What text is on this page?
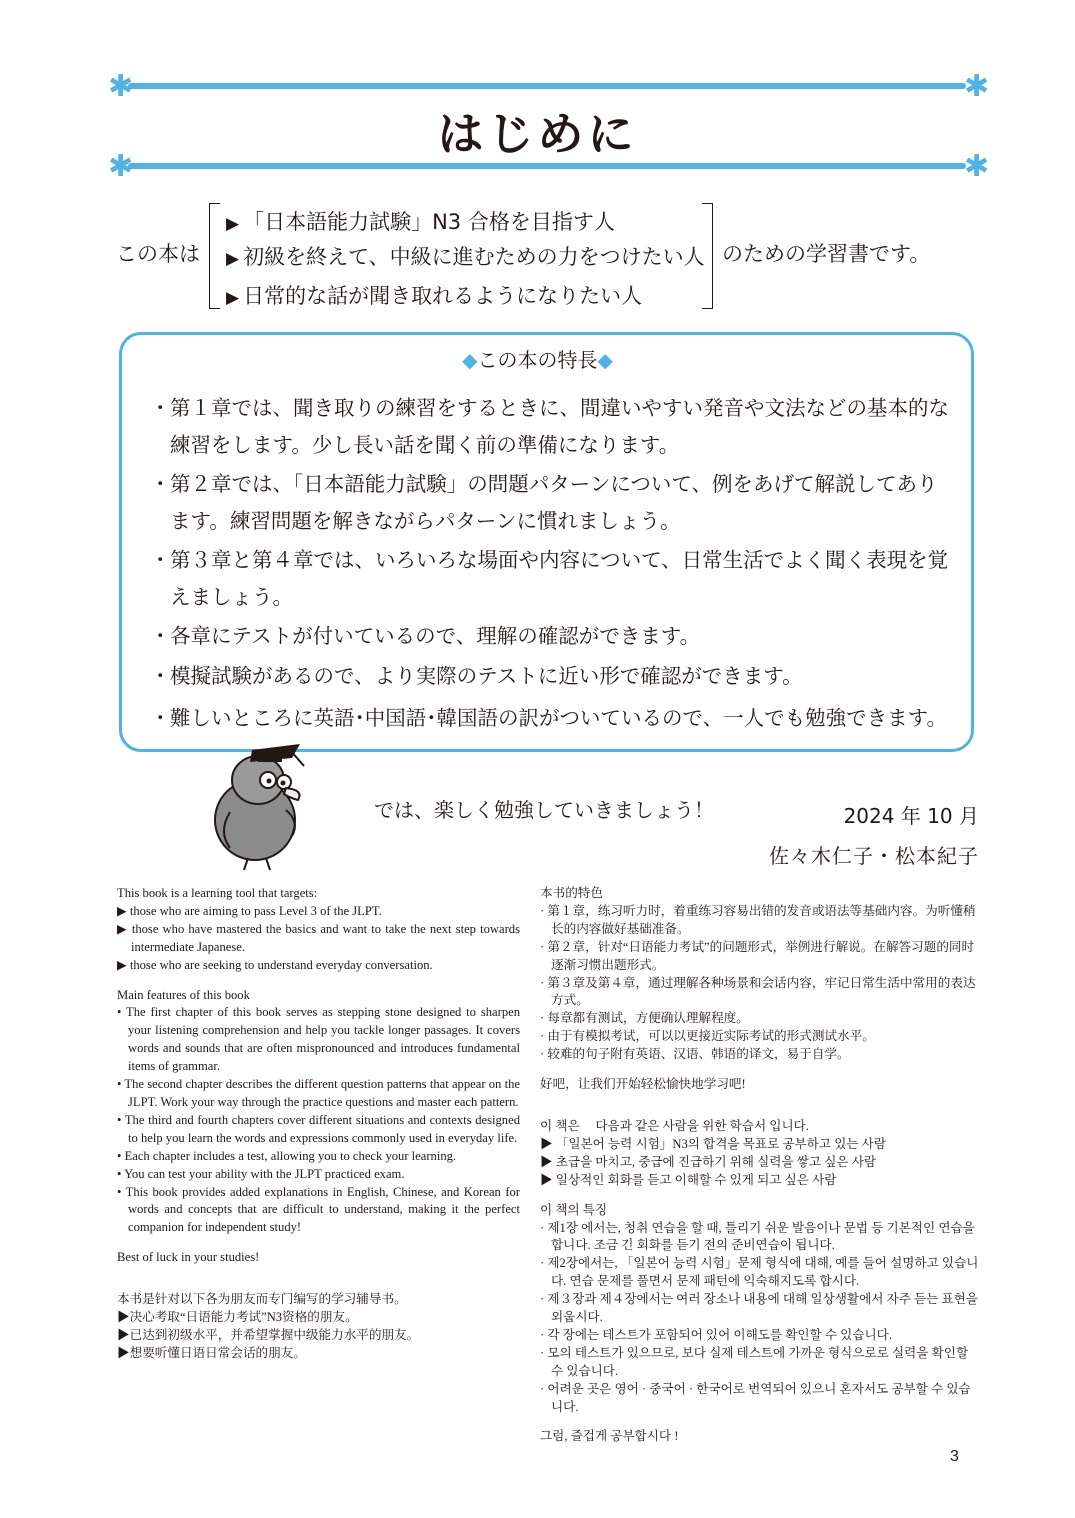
✱	✱
はじめに
✱	✱
この本は
▶ 「日本語能力試験」N3 合格を目指す人
▶ 初級を終えて、中級に進むための力をつけたい人
▶ 日常的な話が聞き取れるようになりたい人
のための学習書です。
◆この本の特長◆
・ 第１章では、聞き取りの練習をするときに、間違いやすい発音や文法などの基本的な練習をします。少し長い話を聞く前の準備になります。
・ 第２章では、「日本語能力試験」の問題パターンについて、例をあげて解説してあります。練習問題を解きながらパターンに慣れましょう。
・ 第３章と第４章では、いろいろな場面や内容について、日常生活でよく聞く表現を覚えましょう。
・ 各章にテストが付いているので、理解の確認ができます。
・ 模擬試験があるので、より実際のテストに近い形で確認ができます。
・ 難しいところに英語･中国語･韓国語の訳がついているので、一人でも勉強できます。
では、楽しく勉強していきましょう！	2024 年 10 月
佐々木仁子・松本紀子

This book is a learning tool that targets:

▶ those who are aiming to pass Level 3 of the JLPT.

▶ those who have mastered the basics and want to take the next step towards intermediate Japanese.

▶ those who are seeking to understand everyday conversation.

Main features of this book

• The first chapter of this book serves as stepping stone designed to sharpen your listening comprehension and help you tackle longer passages. It covers words and sounds that are often mispronounced and introduces fundamental items of grammar.

• The second chapter describes the different question patterns that appear on the JLPT. Work your way through the practice questions and master each pattern.

• The third and fourth chapters cover different situations and contexts designed to help you learn the words and expressions commonly used in everyday life.

• Each chapter includes a test, allowing you to check your learning.

• You can test your ability with the JLPT practiced exam.

• This book provides added explanations in English, Chinese, and Korean for words and concepts that are difficult to understand, making it the perfect companion for independent study!

Best of luck in your studies!

本书是针对以下各为朋友而专门编写的学习辅导书。

▶决心考取“日语能力考试”N3资格的朋友。

▶已达到初级水平，并希望掌握中级能力水平的朋友。

▶想要听懂日语日常会话的朋友。

本书的特色

· 第１章，练习听力时，着重练习容易出错的发音或语法等基础内容。为听懂稍长的内容做好基础准备。

· 第２章，针对“日语能力考试”的问题形式，举例进行解说。在解答习题的同时逐渐习惯出题形式。

· 第３章及第４章，通过理解各种场景和会话内容，牢记日常生活中常用的表达方式。

· 每章都有测试，方便确认理解程度。

· 由于有模拟考试，可以以更接近实际考试的形式测试水平。

· 较难的句子附有英语、汉语、韩语的译文，易于自学。

好吧，让我们开始轻松愉快地学习吧!

이 책은 　다음과 같은 사람을 위한 학습서 입니다.

▶ 「일본어 능력 시험」N3의 합격을 목표로 공부하고 있는 사람

▶ 초급을 마치고, 중급에 진급하기 위해 실력을 쌓고 싶은 사람

▶ 일상적인 회화를 듣고 이해할 수 있게 되고 싶은 사람

이 책의 특징

· 제1장 에서는, 청취 연습을 할 때, 틀리기 쉬운 발음이나 문법 등 기본적인 연습을 합니다. 조금 긴 회화를 듣기 전의 준비연습이 됩니다.

· 제2장에서는, 「일본어 능력 시험」문제 형식에 대해, 예를 들어 설명하고 있습니다. 연습 문제를 풀면서 문제 패턴에 익숙해지도록 합시다.

· 제３장과 제４장에서는 여러 장소나 내용에 대해 일상생활에서 자주 듣는 표현을 외웁시다.

· 각 장에는 테스트가 포함되어 있어 이해도를 확인할 수 있습니다.

· 모의 테스트가 있으므로, 보다 실제 테스트에 가까운 형식으로로 실력을 확인할 수 있습니다.

· 어려운 곳은 영어 · 중국어 · 한국어로 번역되어 있으니 혼자서도 공부할 수 있습니다.

그럼, 즐겁게 공부합시다 !

3
